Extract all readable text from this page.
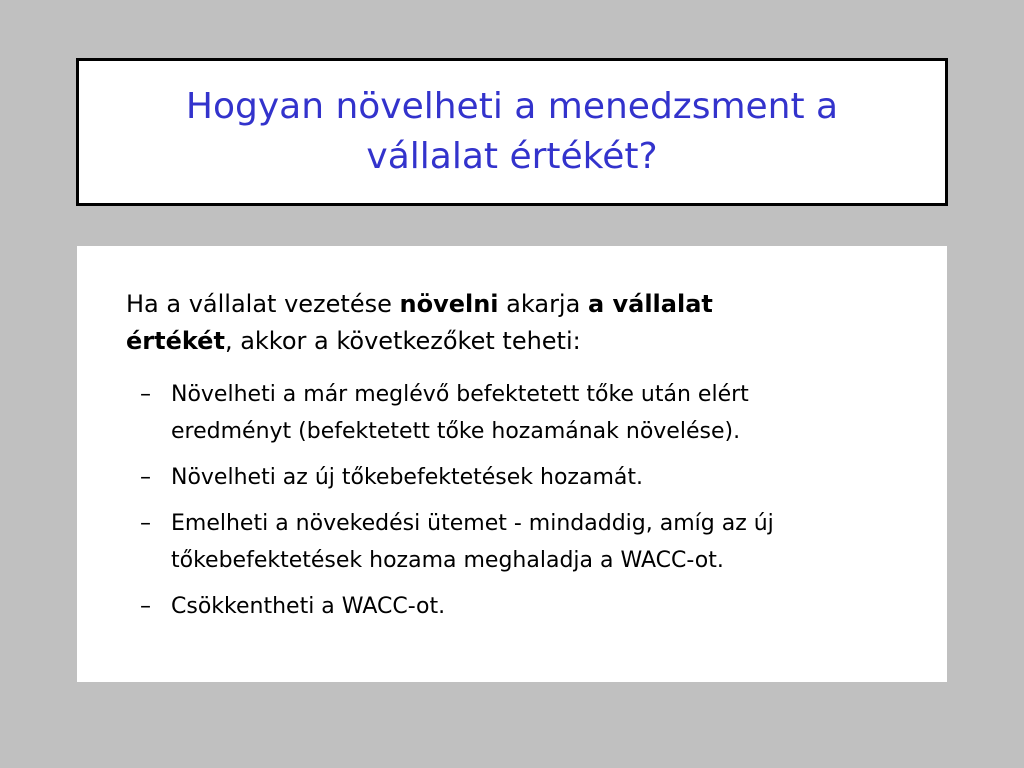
Hogyan növelheti a menedzsment a
vállalat értékét?
Ha a vállalat vezetése növelni akarja a vállalat
értékét, akkor a következőket teheti:
– Növelheti a már meglévő befektetett tőke után elért
eredményt (befektetett tőke hozamának növelése).
– Növelheti az új tőkebefektetések hozamát.
– Emelheti a növekedési ütemet - mindaddig, amíg az új
tőkebefektetések hozama meghaladja a WACC-ot.
– Csökkentheti a WACC-ot.
